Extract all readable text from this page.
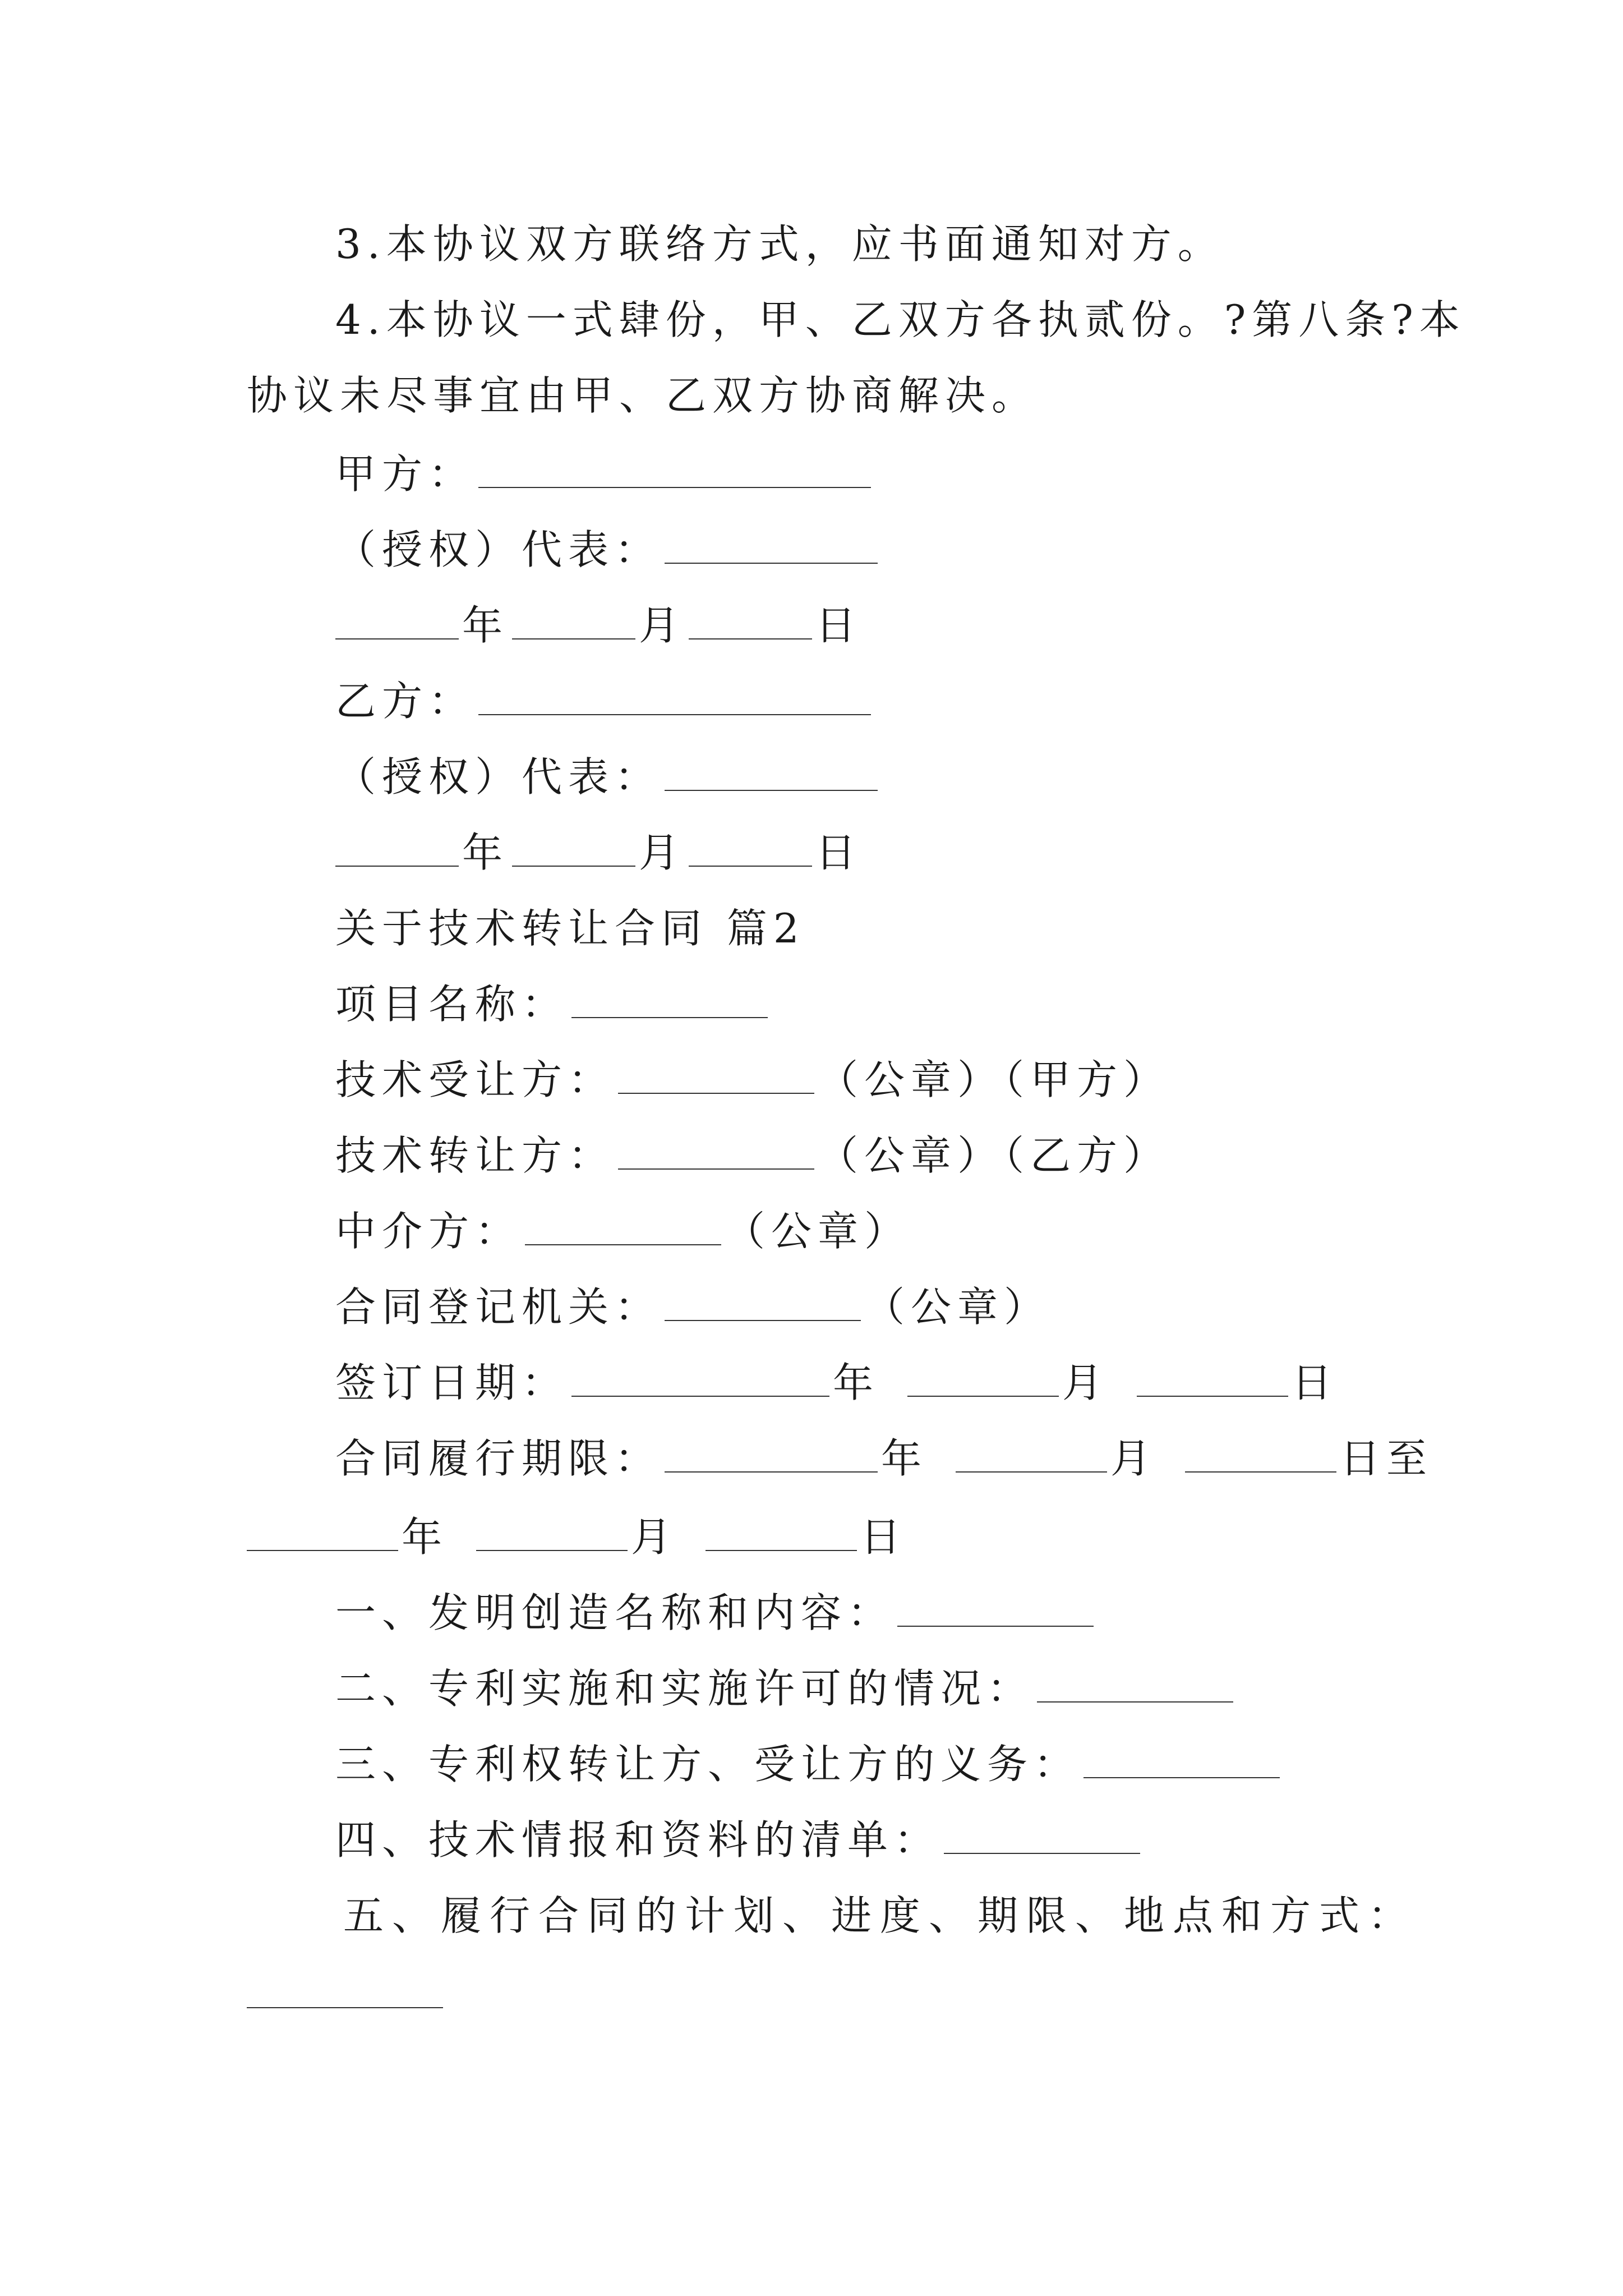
3.本协议双方联络方式，应书面通知对方。
4.本协议一式肆份，甲、乙双方各执贰份。?第八条?本
协议未尽事宜由甲、乙双方协商解决。
甲方：
（授权）代表：
年	月	日
乙方：
（授权）代表：
年	月	日
关于技术转让合同 篇2
项目名称：
技术受让方：	（公章）（甲方）
技术转让方：	（公章）（乙方）
中介方：	（公章）
合同登记机关：	（公章）
签订日期：	年	月	日
合同履行期限：	年	月	日至
年	月	日
一、发明创造名称和内容：
二、专利实施和实施许可的情况：
三、专利权转让方、受让方的义务：
四、技术情报和资料的清单：
五、履行合同的计划、进度、期限、地点和方式：
